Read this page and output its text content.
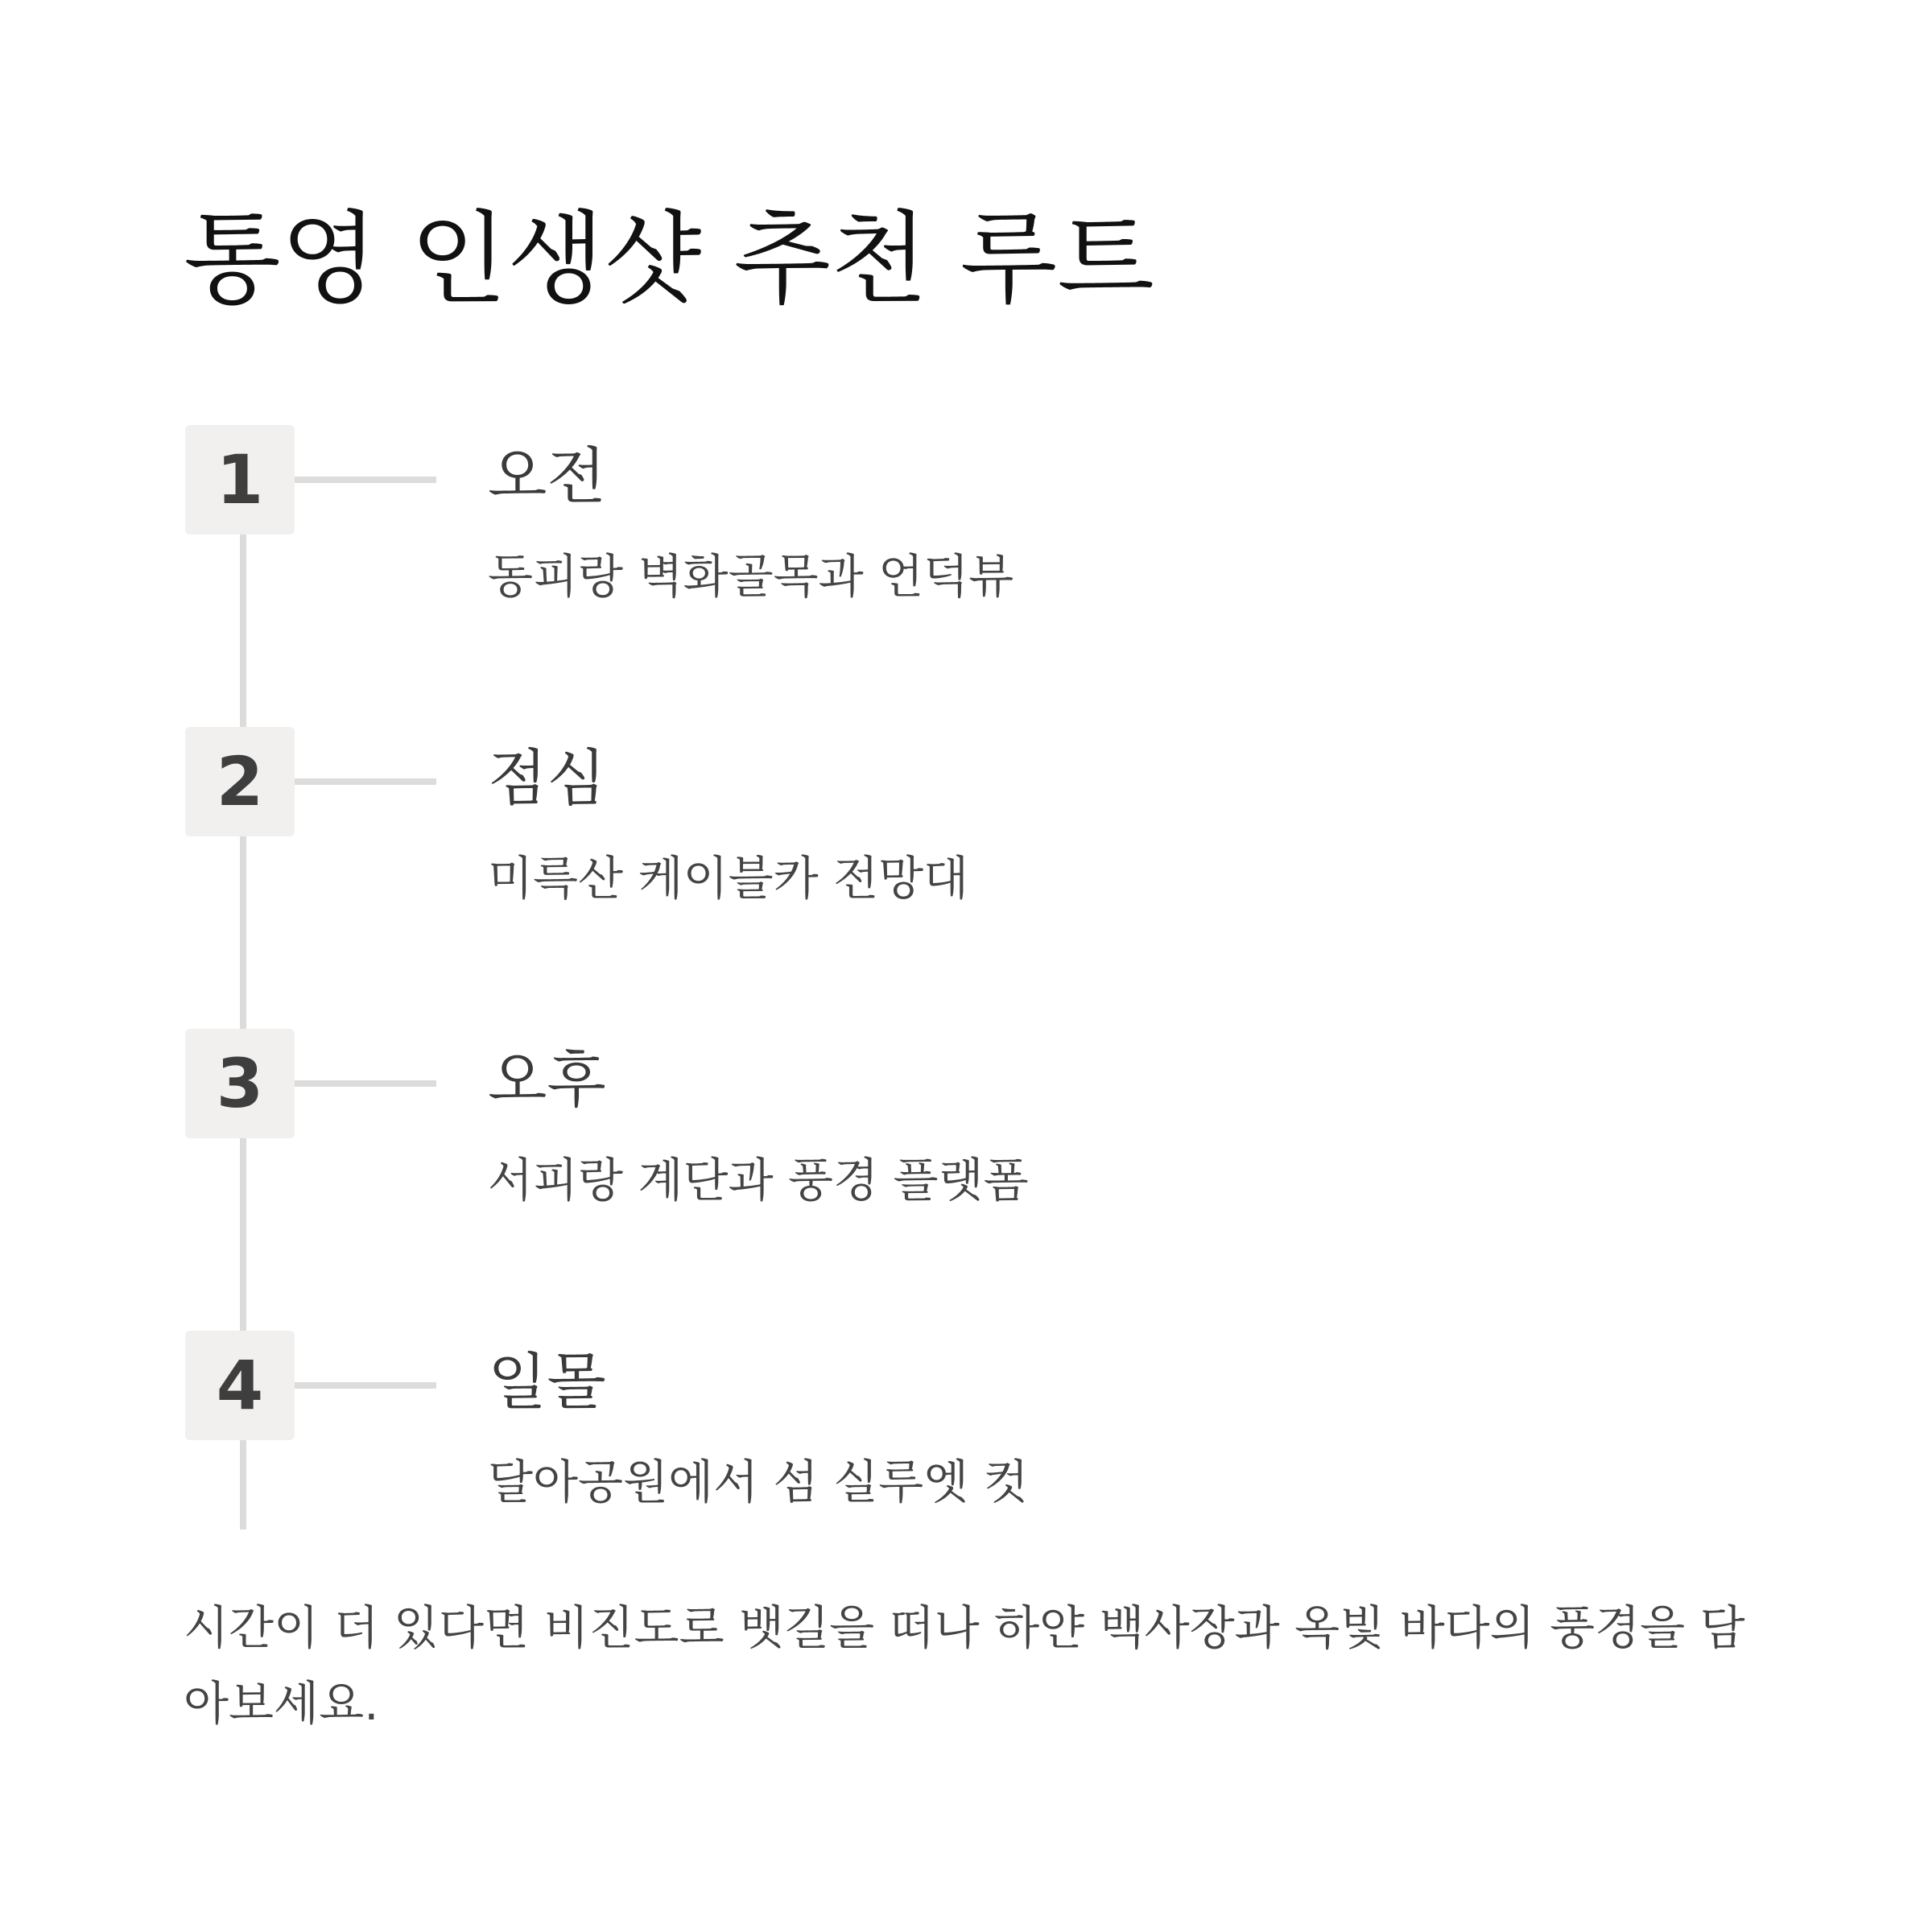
통영 인생샷 추천 루트
1	오전
동피랑 벽화골목과 언덕뷰
2	점심
미륵산 케이블카 전망대
3	오후
서피랑 계단과 풍경 플랫폼
4	일몰
달아공원에서 섬 실루엣 컷

시간이 더 있다면 비진도로 뱃길을 떠나 하얀 백사장과 옥빛 바다의 풍경을 담아보세요.
